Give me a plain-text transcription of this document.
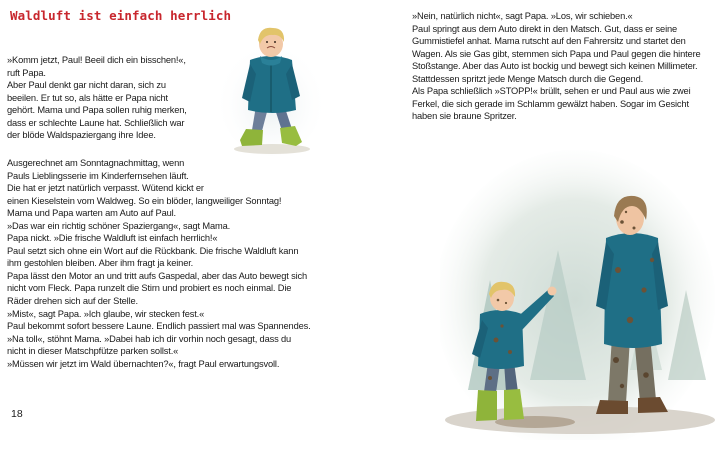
Waldluft ist einfach herrlich
»Komm jetzt, Paul! Beeil dich ein bisschen!«,
ruft Papa.
Aber Paul denkt gar nicht daran, sich zu
beeilen. Er tut so, als hätte er Papa nicht
gehört. Mama und Papa sollen ruhig merken,
dass er schlechte Laune hat. Schließlich war
der blöde Waldspaziergang ihre Idee.
Ausgerechnet am Sonntagnachmittag, wenn
Pauls Lieblingsserie im Kinderfernsehen läuft.
Die hat er jetzt natürlich verpasst. Wütend kickt er
einen Kieselstein vom Waldweg. So ein blöder, langweiliger Sonntag!
Mama und Papa warten am Auto auf Paul.
»Das war ein richtig schöner Spaziergang«, sagt Mama.
Papa nickt. »Die frische Waldluft ist einfach herrlich!«
Paul setzt sich ohne ein Wort auf die Rückbank. Die frische Waldluft kann
ihm gestohlen bleiben. Aber ihm fragt ja keiner.
Papa lässt den Motor an und tritt aufs Gaspedal, aber das Auto bewegt sich
nicht vom Fleck. Papa runzelt die Stirn und probiert es noch einmal. Die
Räder drehen sich auf der Stelle.
»Mist«, sagt Papa. »Ich glaube, wir stecken fest.«
Paul bekommt sofort bessere Laune. Endlich passiert mal was Spannendes.
»Na toll«, stöhnt Mama. »Dabei hab ich dir vorhin noch gesagt, dass du
nicht in dieser Matschpfütze parken sollst.«
»Müssen wir jetzt im Wald übernachten?«, fragt Paul erwartungsvoll.
18
»Nein, natürlich nicht«, sagt Papa. »Los, wir schieben.«
Paul springt aus dem Auto direkt in den Matsch. Gut, dass er seine
Gummistiefel anhat. Mama rutscht auf den Fahrersitz und startet den
Wagen. Als sie Gas gibt, stemmen sich Papa und Paul gegen die hintere
Stoßstange. Aber das Auto ist bockig und bewegt sich keinen Millimeter.
Stattdessen spritzt jede Menge Matsch durch die Gegend.
Als Papa schließlich »STOPP!« brüllt, sehen er und Paul aus wie zwei
Ferkel, die sich gerade im Schlamm gewälzt haben. Sogar im Gesicht
haben sie braune Spritzer.
